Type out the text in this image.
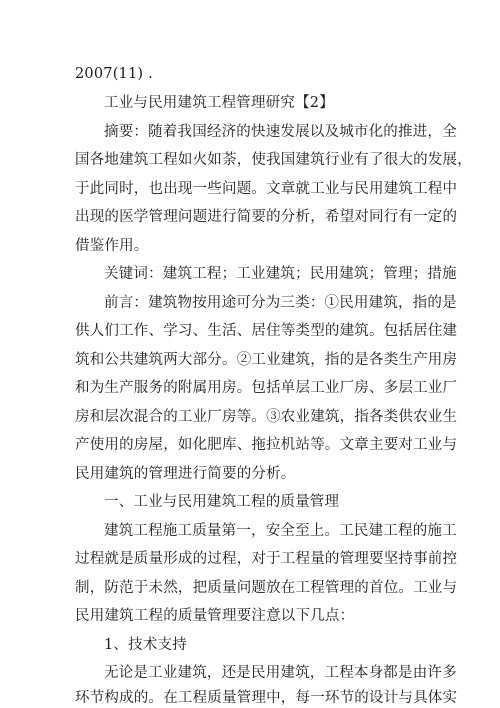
2007(11) .
工业与民用建筑工程管理研究【2】
摘要：随着我国经济的快速发展以及城市化的推进，全
国各地建筑工程如火如荼，使我国建筑行业有了很大的发展，
于此同时，也出现一些问题。文章就工业与民用建筑工程中
出现的医学管理问题进行简要的分析，希望对同行有一定的
借鉴作用。
关键词：建筑工程；工业建筑；民用建筑；管理；措施
前言：建筑物按用途可分为三类：①民用建筑，指的是
供人们工作、学习、生活、居住等类型的建筑。包括居住建
筑和公共建筑两大部分。②工业建筑，指的是各类生产用房
和为生产服务的附属用房。包括单层工业厂房、多层工业厂
房和层次混合的工业厂房等。③农业建筑，指各类供农业生
产使用的房屋，如化肥库、拖拉机站等。文章主要对工业与
民用建筑的管理进行简要的分析。
一、工业与民用建筑工程的质量管理
建筑工程施工质量第一，安全至上。工民建工程的施工
过程就是质量形成的过程，对于工程量的管理要坚持事前控
制，防范于未然，把质量问题放在工程管理的首位。工业与
民用建筑工程的质量管理要注意以下几点：
1、技术支持
无论是工业建筑，还是民用建筑，工程本身都是由许多
环节构成的。在工程质量管理中，每一环节的设计与具体实
